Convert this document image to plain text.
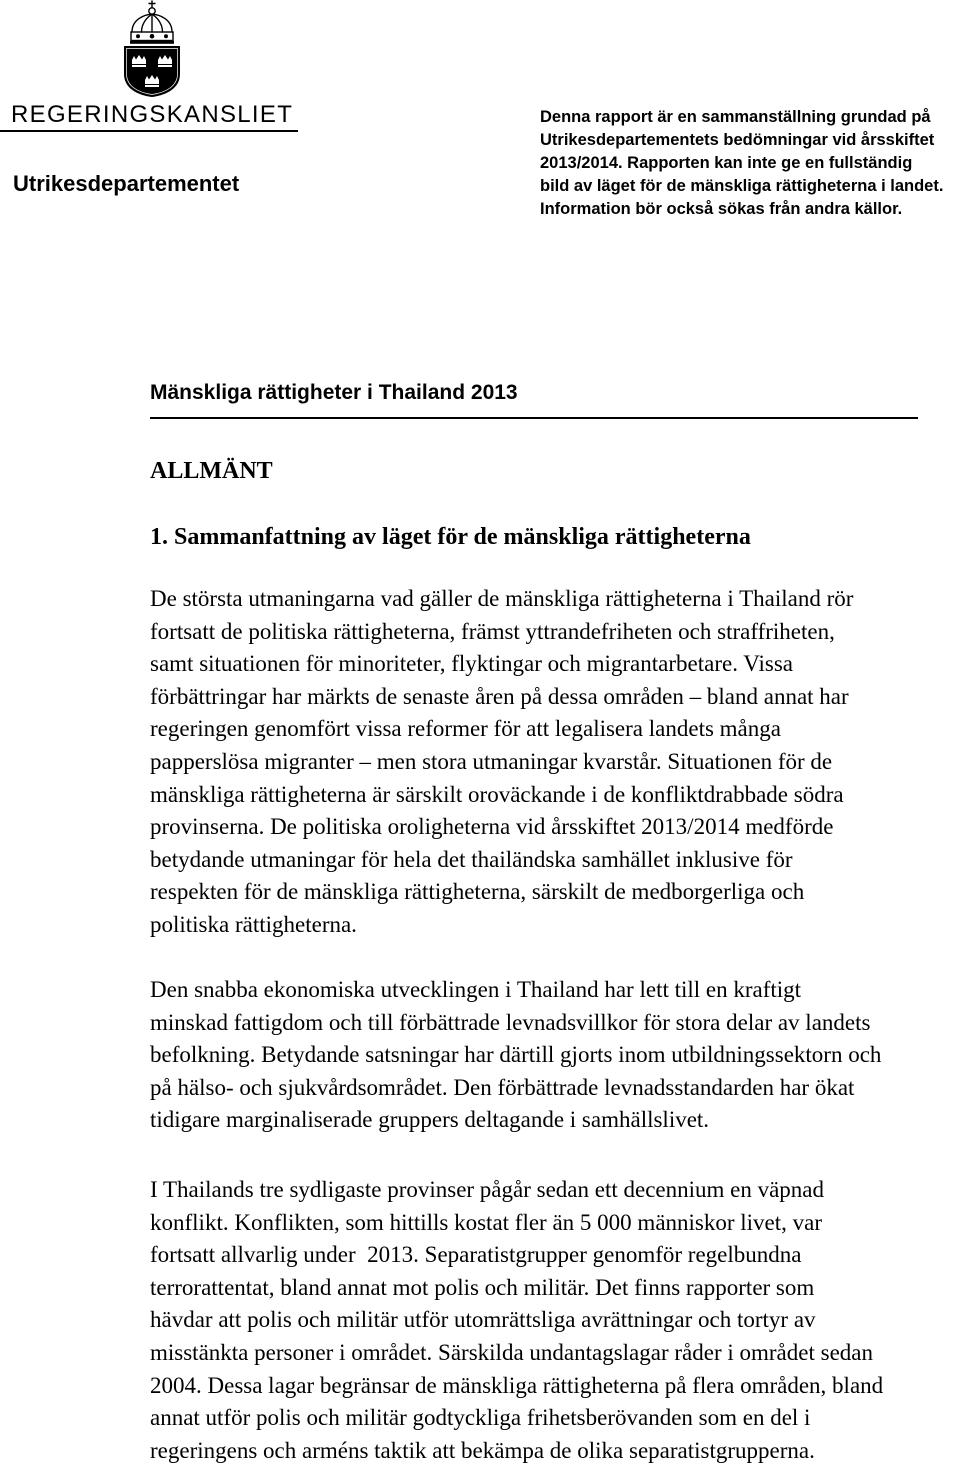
REGERINGSKANSLIET
Utrikesdepartementet
Denna rapport är en sammanställning grundad på
Utrikesdepartementets bedömningar vid årsskiftet
2013/2014. Rapporten kan inte ge en fullständig
bild av läget för de mänskliga rättigheterna i landet.
Information bör också sökas från andra källor.
Mänskliga rättigheter i Thailand 2013
ALLMÄNT
1. Sammanfattning av läget för de mänskliga rättigheterna
De största utmaningarna vad gäller de mänskliga rättigheterna i Thailand rör
fortsatt de politiska rättigheterna, främst yttrandefriheten och straffriheten,
samt situationen för minoriteter, flyktingar och migrantarbetare. Vissa
förbättringar har märkts de senaste åren på dessa områden – bland annat har
regeringen genomfört vissa reformer för att legalisera landets många
papperslösa migranter – men stora utmaningar kvarstår. Situationen för de
mänskliga rättigheterna är särskilt oroväckande i de konfliktdrabbade södra
provinserna. De politiska oroligheterna vid årsskiftet 2013/2014 medförde
betydande utmaningar för hela det thailändska samhället inklusive för
respekten för de mänskliga rättigheterna, särskilt de medborgerliga och
politiska rättigheterna.
Den snabba ekonomiska utvecklingen i Thailand har lett till en kraftigt
minskad fattigdom och till förbättrade levnadsvillkor för stora delar av landets
befolkning. Betydande satsningar har därtill gjorts inom utbildningssektorn och
på hälso- och sjukvårdsområdet. Den förbättrade levnadsstandarden har ökat
tidigare marginaliserade gruppers deltagande i samhällslivet.
I Thailands tre sydligaste provinser pågår sedan ett decennium en väpnad
konflikt. Konflikten, som hittills kostat fler än 5 000 människor livet, var
fortsatt allvarlig under  2013. Separatistgrupper genomför regelbundna
terrorattentat, bland annat mot polis och militär. Det finns rapporter som
hävdar att polis och militär utför utomrättsliga avrättningar och tortyr av
misstänkta personer i området. Särskilda undantagslagar råder i området sedan
2004. Dessa lagar begränsar de mänskliga rättigheterna på flera områden, bland
annat utför polis och militär godtyckliga frihetsberövanden som en del i
regeringens och arméns taktik att bekämpa de olika separatistgrupperna.
